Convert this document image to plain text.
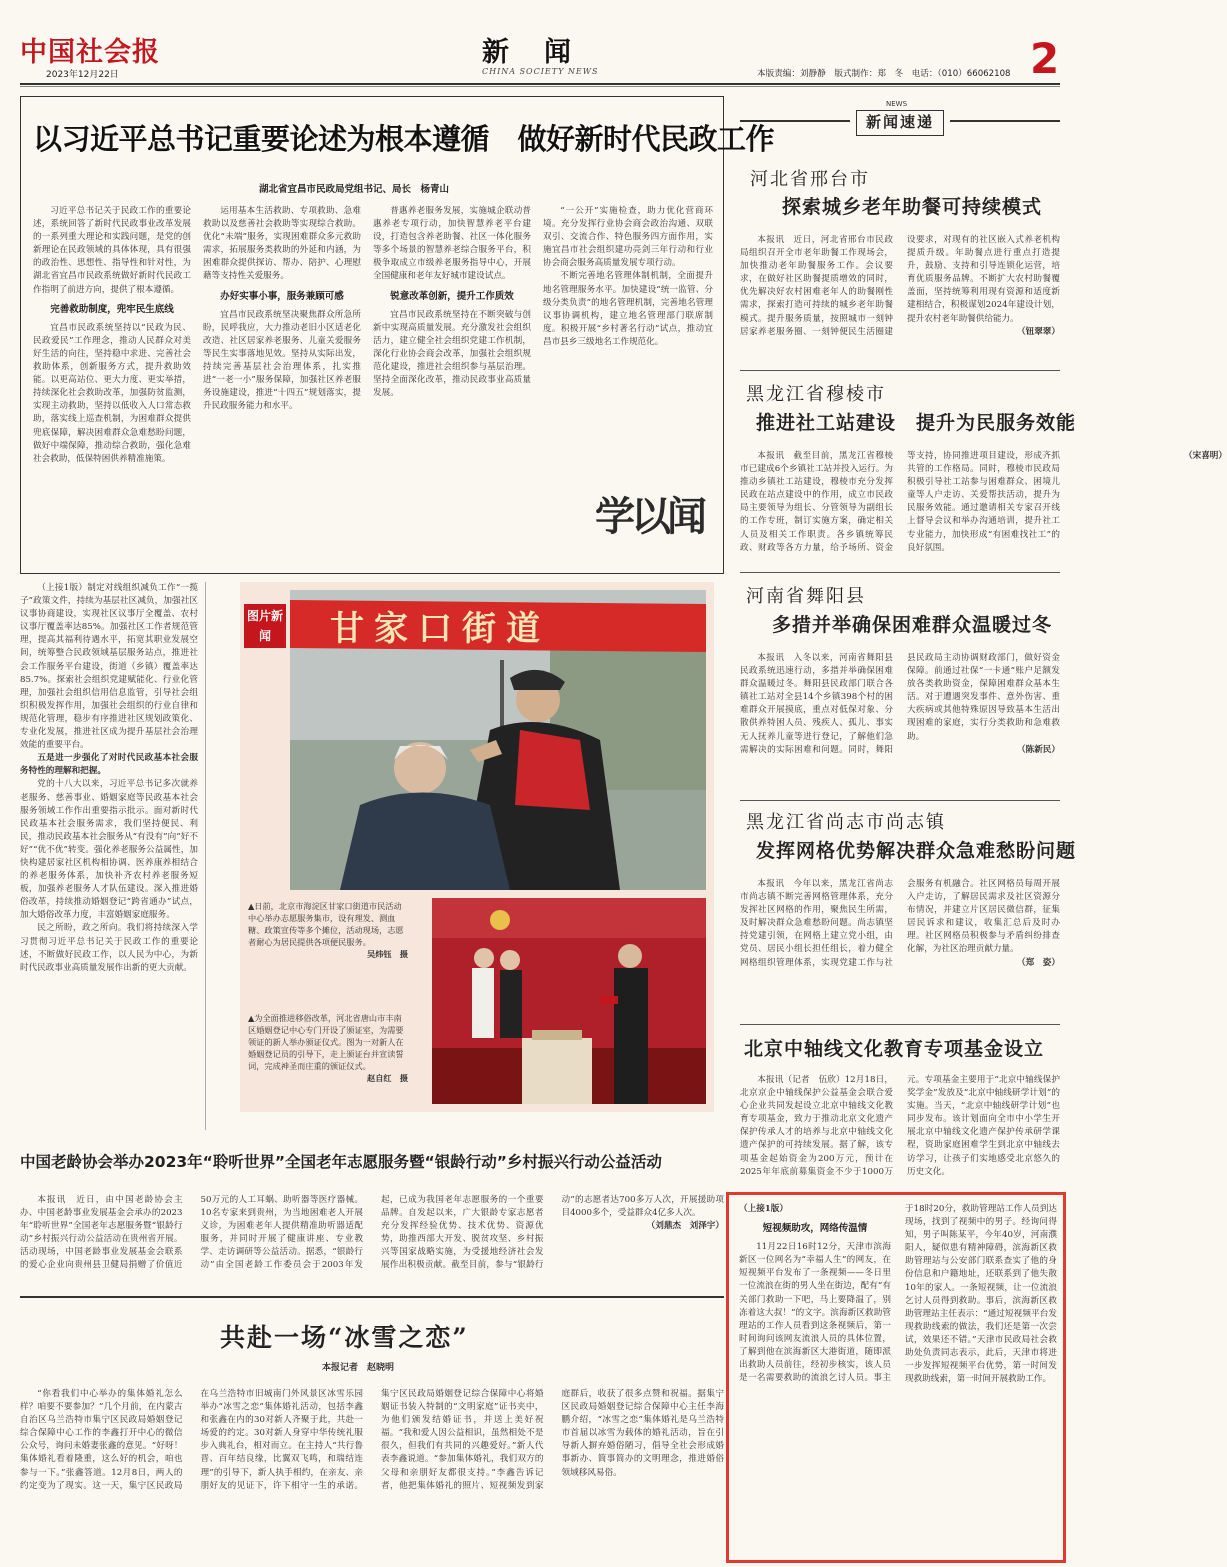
中国社会报
2023年12月22日
新　闻
CHINA SOCIETY NEWS	本版责编：刘静静　版式制作：郑　冬　电话：（010）66062108 2
以习近平总书记重要论述为根本遵循　做好新时代民政工作
湖北省宜昌市民政局党组书记、局长　杨青山

习近平总书记关于民政工作的重要论述，系统回答了新时代民政事业改革发展的一系列重大理论和实践问题，是党的创新理论在民政领域的具体体现，具有很强的政治性、思想性、指导性和针对性，为湖北省宜昌市民政系统做好新时代民政工作指明了前进方向，提供了根本遵循。

完善救助制度，兜牢民生底线

宜昌市民政系统坚持以“民政为民、民政爱民”工作理念，推动人民群众对美好生活的向往，坚持稳中求进、完善社会救助体系，创新服务方式，提升救助效能。以更高站位、更大力度、更实举措，持续深化社会救助改革，加强防贫监测，实现主动救助，坚持以低收入人口常态救助，落实线上巡查机制，为困难群众提供兜底保障，解决困难群众急难愁盼问题，做好中端保障，推动综合救助，强化急难社会救助，低保特困供养精准施策。

运用基本生活救助、专项救助、急难救助以及慈善社会救助等实现综合救助。优化“未端”服务，实现困难群众多元救助需求，拓展服务类救助的外延和内涵，为困难群众提供探访、帮办、陪护、心理慰藉等支持性关爱服务。

办好实事小事，服务兼顾可感

宜昌市民政系统坚决聚焦群众所急所盼，民呼我应，大力推动老旧小区适老化改造、社区居家养老服务、儿童关爱服务等民生实事落地见效。坚持从实际出发，持续完善基层社会治理体系，扎实推进“一老一小”服务保障，加强社区养老服务设施建设，推进“十四五”规划落实，提升民政服务能力和水平。

普惠养老服务发展，实施城企联动普惠养老专项行动，加快智慧养老平台建设，打造包含养老助餐、社区一体化服务等多个场景的智慧养老综合服务平台，积极争取成立市级养老服务指导中心，开展全国健康和老年友好城市建设试点。

锐意改革创新，提升工作质效

宜昌市民政系统坚持在不断突破与创新中实现高质量发展。充分激发社会组织活力，建立健全社会组织党建工作机制，深化行业协会商会改革，加强社会组织规范化建设，推进社会组织参与基层治理。坚持全面深化改革，推动民政事业高质量发展。

“一公开”实施检查，助力优化营商环境。充分发挥行业协会商会政治沟通、双联双引、交流合作、特色服务四方面作用，实施宜昌市社会组织建功亮剑三年行动和行业协会商会服务高质量发展专项行动。

不断完善地名管理体制机制，全面提升地名管理服务水平。加快建设“统一监管、分级分类负责”的地名管理机制，完善地名管理议事协调机构，建立地名管理部门联席制度。积极开展“乡村著名行动”试点，推动宜昌市县乡三级地名工作规范化。

学以闻
NEWS
新闻速递
河北省邢台市
探索城乡老年助餐可持续模式

本报讯　近日，河北省邢台市民政局组织召开全市老年助餐工作现场会，加快推动老年助餐服务工作。会议要求，在做好社区助餐提质增效的同时，优先解决好农村困难老年人的助餐刚性需求，探索打造可持续的城乡老年助餐模式。提升服务质量，按照城市一刻钟居家养老服务圈、一刻钟便民生活圈建设要求，对现有的社区嵌入式养老机构提质升级。年助餐点进行重点打造提升，鼓励、支持和引导连锁化运营，培育优质服务品牌。不断扩大农村助餐覆盖面，坚持统筹利用现有资源和适度新建相结合，积极谋划2024年建设计划，提升农村老年助餐供给能力。

（钮翠翠）

黑龙江省穆棱市
推进社工站建设　提升为民服务效能

本报讯　截至目前，黑龙江省穆棱市已建成6个乡镇社工站并投入运行。为推动乡镇社工站建设，穆棱市充分发挥民政在站点建设中的作用，成立市民政局主要领导为组长、分管领导为副组长的工作专班，制订实施方案，确定相关人员及相关工作职责。各乡镇统筹民政、财政等各方力量，给予场所、资金等支持，协同推进项目建设，形成齐抓共管的工作格局。同时，穆棱市民政局积极引导社工站参与困难群众、困境儿童等人户走访、关爱帮扶活动，提升为民服务效能。通过邀请相关专家召开线上督导会议和举办沟通培训，提升社工专业能力，加快形成“有困难找社工”的良好氛围。

（宋喜明）

（上接1版）制定对线组织减负工作“一揽子”政策文件，持续为基层社区减负，加强社区议事协商建设，实现社区议事厅全覆盖、农村议事厅覆盖率达85%。加强社区工作者规范管理，提高其福利待遇水平，拓宽其职业发展空间，统筹整合民政领域基层服务站点，推进社会工作服务平台建设，街道（乡镇）覆盖率达85.7%。探索社会组织党建赋能化、行业化管理，加强社会组织信用信息监管，引导社会组织积极发挥作用，加强社会组织的行业自律和规范化管理，稳步有序推进社区规划政策化、专业化发展，推进社区成为提升基层社会治理效能的重要平台。

五是进一步强化了对时代民政基本社会服务特性的理解和把握。

党的十八大以来，习近平总书记多次就养老服务、慈善事业、婚姻家庭等民政基本社会服务领域工作作出重要指示批示。面对新时代民政基本社会服务需求，我们坚持便民、利民，推动民政基本社会服务从“有没有”向“好不好”“优不优”转变。强化养老服务公益属性，加快构建居家社区机构相协调、医养康养相结合的养老服务体系，加快补齐农村养老服务短板，加强养老服务人才队伍建设。深入推进婚俗改革，持续推动婚姻登记“跨省通办”试点，加大婚俗改革力度，丰富婚姻家庭服务。

民之所盼，政之所向。我们将持续深入学习贯彻习近平总书记关于民政工作的重要论述，不断做好民政工作，以人民为中心，为新时代民政事业高质量发展作出新的更大贡献。

图片新闻	甘家口街道
▲日前，北京市海淀区甘家口街道市民活动中心举办志愿服务集市，设有理发、测血糖、政策宣传等多个摊位，活动现场，志愿者耐心为居民提供各项便民服务。
吴炜钰　摄
▲为全面推进移俗改革，河北省唐山市丰南区婚姻登记中心专门开设了颁证室，为需要领证的新人举办颁证仪式。图为一对新人在婚姻登记员的引导下，走上颁证台并宣读誓词，完成神圣而庄重的颁证仪式。
赵自红　摄
河南省舞阳县
多措并举确保困难群众温暖过冬

本报讯　入冬以来，河南省舞阳县民政系统迅速行动，多措并举确保困难群众温暖过冬。舞阳县民政部门联合各镇社工站对全县14个乡镇398个村的困难群众开展摸底，重点对低保对象、分散供养特困人员、残疾人、孤儿、事实无人抚养儿童等进行登记，了解他们急需解决的实际困难和问题。同时，舞阳县民政局主动协调财政部门，做好资金保障。前通过社保“一卡通”账户足额发放各类救助资金，保障困难群众基本生活。对于遭遇突发事件、意外伤害、重大疾病或其他特殊原因导致基本生活出现困难的家庭，实行分类救助和急难救助。

（陈新民）

黑龙江省尚志市尚志镇
发挥网格优势解决群众急难愁盼问题

本报讯　今年以来，黑龙江省尚志市尚志镇不断完善网格管理体系，充分发挥社区网格的作用，聚焦民生所需，及时解决群众急难愁盼问题。尚志镇坚持党建引领，在网格上建立党小组，由党员、居民小组长担任组长，着力健全网格组织管理体系，实现党建工作与社会服务有机融合。社区网格员每周开展入户走访，了解居民需求及社区资源分布情况，并建立片区居民微信群，征集居民诉求和建议，收集汇总后及时办理。社区网格员积极参与矛盾纠纷排查化解，为社区治理贡献力量。

（郑　姿）

北京中轴线文化教育专项基金设立

本报讯（记者　伍欣）12月18日，北京京企中轴线保护公益基金会联合爱心企业共同发起设立北京中轴线文化教育专项基金，致力于推动北京文化遗产保护传承人才的培养与北京中轴线文化遗产保护的可持续发展。据了解，该专项基金起始资金为200万元，预计在2025年年底前募集资金不少于1000万元。专项基金主要用于“北京中轴线保护奖学金”发放及“北京中轴线研学计划”的实施。当天，“北京中轴线研学计划”也同步发布。该计划面向全市中小学生开展北京中轴线文化遗产保护传承研学课程，资助家庭困难学生到北京中轴线去访学习，让孩子们实地感受北京悠久的历史文化。

中国老龄协会举办2023年“聆听世界”全国老年志愿服务暨“银龄行动”乡村振兴行动公益活动

本报讯　近日，由中国老龄协会主办、中国老龄事业发展基金会承办的2023年“聆听世界”全国老年志愿服务暨“银龄行动”乡村振兴行动公益活动在贵州省开展。活动现场，中国老龄事业发展基金会联系的爱心企业向贵州县卫健局捐赠了价值近50万元的人工耳蜗、助听器等医疗器械。10名专家来到贵州，为当地困难老人开展义诊，为困难老年人提供精准助听器适配服务，并同时开展了健康讲座、专业教学、走访调研等公益活动。据悉，“银龄行动”由全国老龄工作委员会于2003年发起，已成为我国老年志愿服务的一个重要品牌。自发起以来，广大银龄专家志愿者充分发挥经验优势、技术优势、资源优势，助推西部大开发、脱贫攻坚、乡村振兴等国家战略实施，为受援地经济社会发展作出积极贡献。截至目前，参与“银龄行动”的志愿者达700多万人次，开展援助项目4000多个，受益群众4亿多人次。

（刘鼎杰　刘泽宇）

共赴一场“冰雪之恋”
本报记者　赵晓明

“你看我们中心举办的集体婚礼怎么样？咱要不要参加？”几个月前，在内蒙古自治区乌兰浩特市集宁区民政局婚姻登记综合保障中心工作的李鑫打开中心的微信公众号，询问未婚妻张鑫的意见。“好呀！集体婚礼看着隆重，这么好的机会，咱也参与一下。”张鑫答道。12月8日，两人的约定变为了现实。这一天，集宁区民政局在乌兰浩特市旧城南门外风景区冰雪乐园举办“冰雪之恋”集体婚礼活动，包括李鑫和张鑫在内的30对新人齐聚于此，共赴一场爱的约定。30对新人身穿中华传统礼服步入典礼台，相对而立。在主持人“共行鲁晋、百年结良缘，比翼双飞鸣，和瑞结连理”的引导下，新人执手相约，在亲友、亲朋好友的见证下，许下相守一生的承诺。集宁区民政局婚姻登记综合保障中心将婚姻证书装入特制的“文明家庭”证书夹中，为他们颁发结婚证书，并送上美好祝福。“我和爱人因公益相识，虽然相处不是很久，但我们有共同的兴趣爱好。”新人代表李鑫说道。“参加集体婚礼，我们双方的父母和亲朋好友都很支持。”李鑫告诉记者，他把集体婚礼的照片、短视频发到家庭群后，收获了很多点赞和祝福。据集宁区民政局婚姻登记综合保障中心主任李海鹏介绍，“冰雪之恋”集体婚礼是乌兰浩特市首届以冰雪为载体的婚礼活动，旨在引导新人摒弃婚俗陋习，倡导全社会形成婚事新办、简事简办的文明理念，推进婚俗领域移风易俗。

（上接1版）

短视频助攻，网络传温情

11月22日16时12分，天津市滨海新区一位网名为“幸福人生”的网友，在短视频平台发布了一条视频——冬日里一位流浪在街的男人坐在街边，配有“有关部门救助一下吧，马上要降温了，别冻着这大叔！”的文字。滨海新区救助管理站的工作人员看到这条视频后，第一时间询问该网友流浪人员的具体位置，了解到他在滨海新区大港街道，随即派出救助人员前往，经初步核实，该人员是一名需要救助的流浪乞讨人员。事主于18时20分，救助管理站工作人员到达现场，找到了视频中的男子。经询问得知，男子叫陈某平，今年40岁，河南濮阳人，疑似患有精神障碍，滨海新区救助管理站与公安部门联系查实了他的身份信息和户籍地址，还联系到了他失散10年的家人。一条短视频，让一位流浪乞讨人员得到救助。事后，滨海新区救助管理站主任表示：“通过短视频平台发现救助线索的做法，我们还是第一次尝试，效果还不错。”天津市民政局社会救助处负责同志表示，此后，天津市将进一步发挥短视频平台优势，第一时间发现救助线索，第一时间开展救助工作。
